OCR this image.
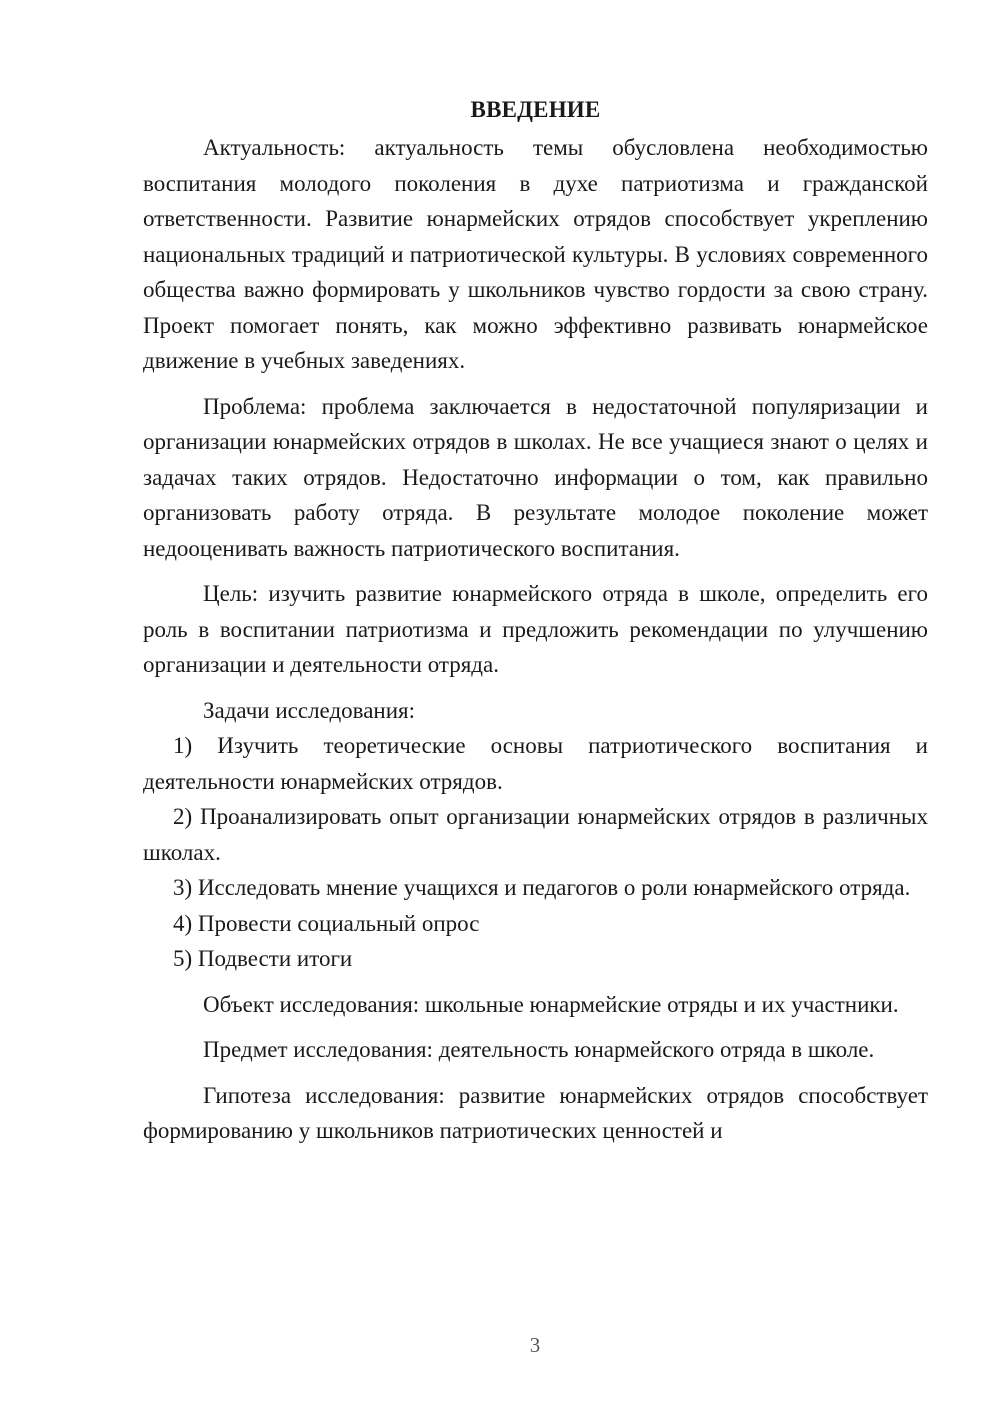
ВВЕДЕНИЕ

Актуальность: актуальность темы обусловлена необходимостью воспитания молодого поколения в духе патриотизма и гражданской ответственности. Развитие юнармейских отрядов способствует укреплению национальных традиций и патриотической культуры. В условиях современного общества важно формировать у школьников чувство гордости за свою страну. Проект помогает понять, как можно эффективно развивать юнармейское движение в учебных заведениях.

Проблема: проблема заключается в недостаточной популяризации и организации юнармейских отрядов в школах. Не все учащиеся знают о целях и задачах таких отрядов. Недостаточно информации о том, как правильно организовать работу отряда. В результате молодое поколение может недооценивать важность патриотического воспитания.

Цель: изучить развитие юнармейского отряда в школе, определить его роль в воспитании патриотизма и предложить рекомендации по улучшению организации и деятельности отряда.

Задачи исследования:

1) Изучить теоретические основы патриотического воспитания и деятельности юнармейских отрядов.

2) Проанализировать опыт организации юнармейских отрядов в различных школах.

3) Исследовать мнение учащихся и педагогов о роли юнармейского отряда.

4) Провести социальный опрос

5) Подвести итоги

Объект исследования: школьные юнармейские отряды и их участники.

Предмет исследования: деятельность юнармейского отряда в школе.

Гипотеза исследования: развитие юнармейских отрядов способствует формированию у школьников патриотических ценностей и

3
